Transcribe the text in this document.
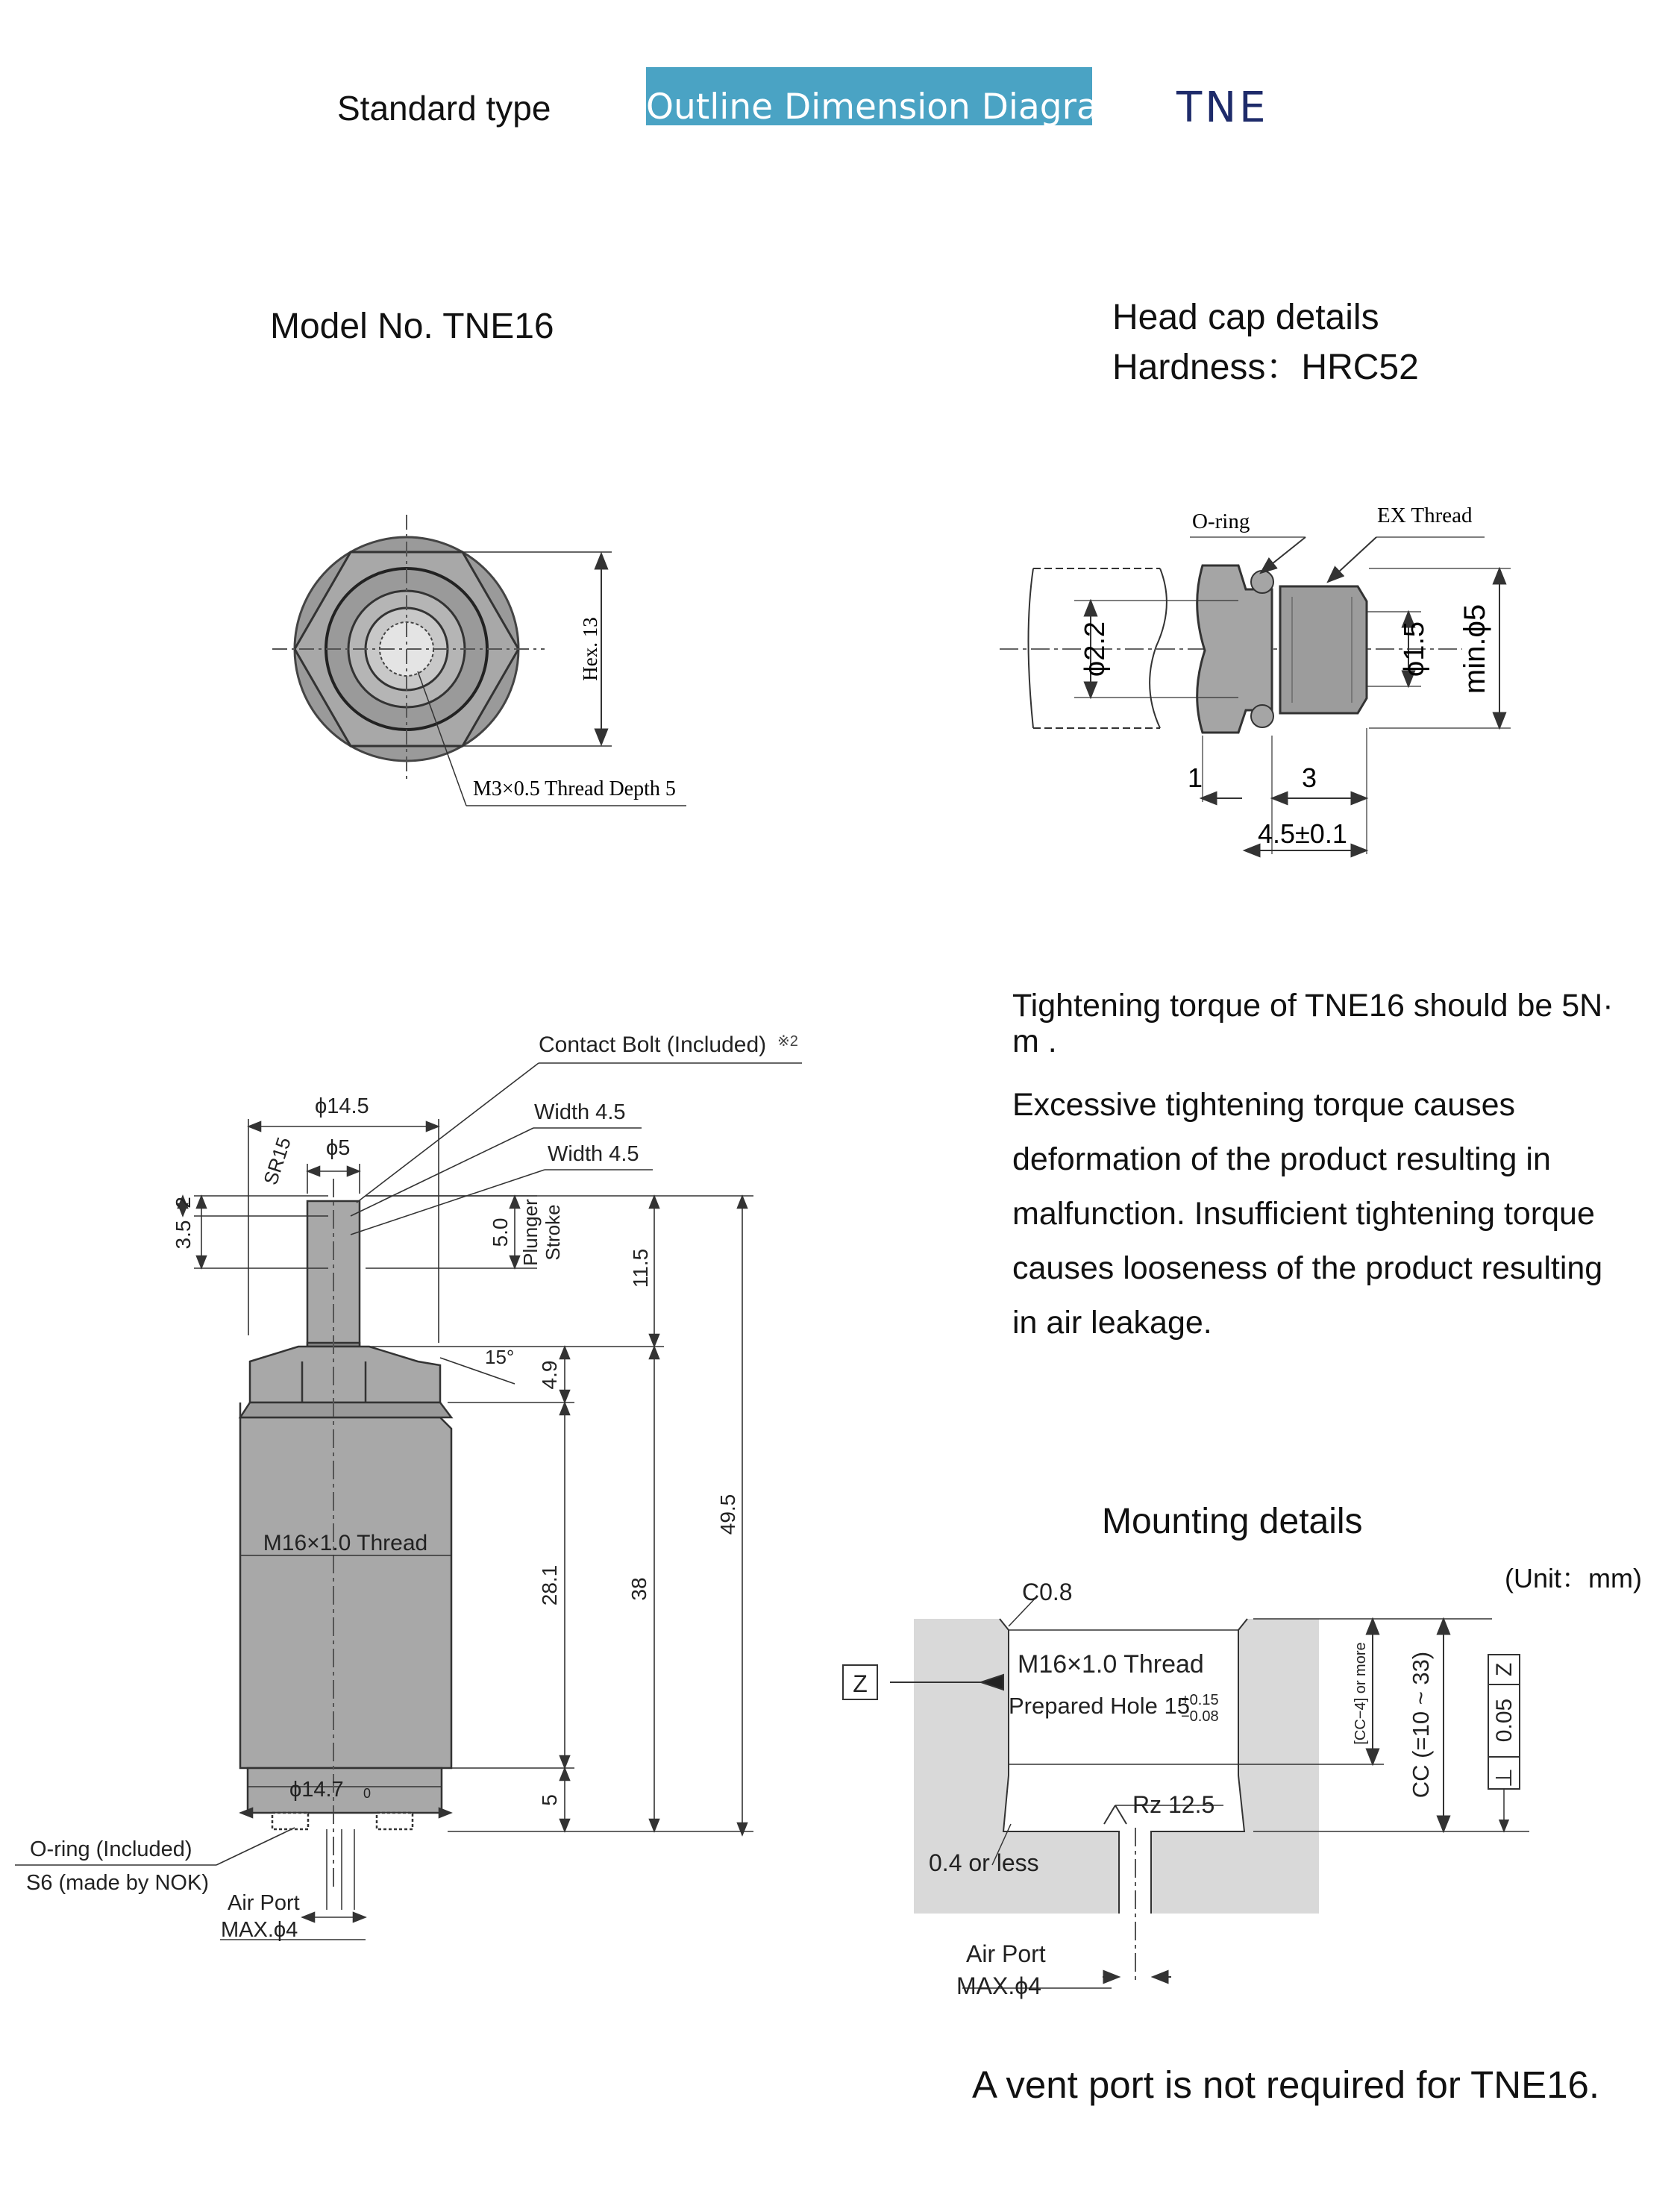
Standard type	Outline Dimension Diagram TNE
Model No. TNE16	Head cap details
Hardness：HRC52
Tightening torque of TNE16 should be 5N· m .
Excessive tightening torque causes deformation of the product resulting in malfunction. Insufficient tightening torque causes looseness of the product resulting in air leakage.
Mounting details
(Unit：mm)
A vent port is not required for TNE16.
Hex. 13
M3×0.5 Thread Depth 5
O-ring	EX Thread
ϕ2.2	ϕ1.5 min.ϕ5
1	3
4.5±0.1
Contact Bolt (Included) ※2
Width 4.5
Width 4.5
ϕ14.5
ϕ5
SR15
3.5
2
5.0 Plunger Stroke
11.5
15°
4.9
49.5
M16×1.0 Thread
28.1	38
ϕ14.7 0	5
O-ring (Included)
S6 (made by NOK)
Air Port
MAX.ϕ4
Z
C0.8
M16×1.0 Thread
Prepared Hole 15
+0.15
−0.08
Rz 12.5
0.4 or less
[CC−4] or more CC (=10 ~ 33)	⊥
0.05
Z
Air Port
MAX.ϕ4
